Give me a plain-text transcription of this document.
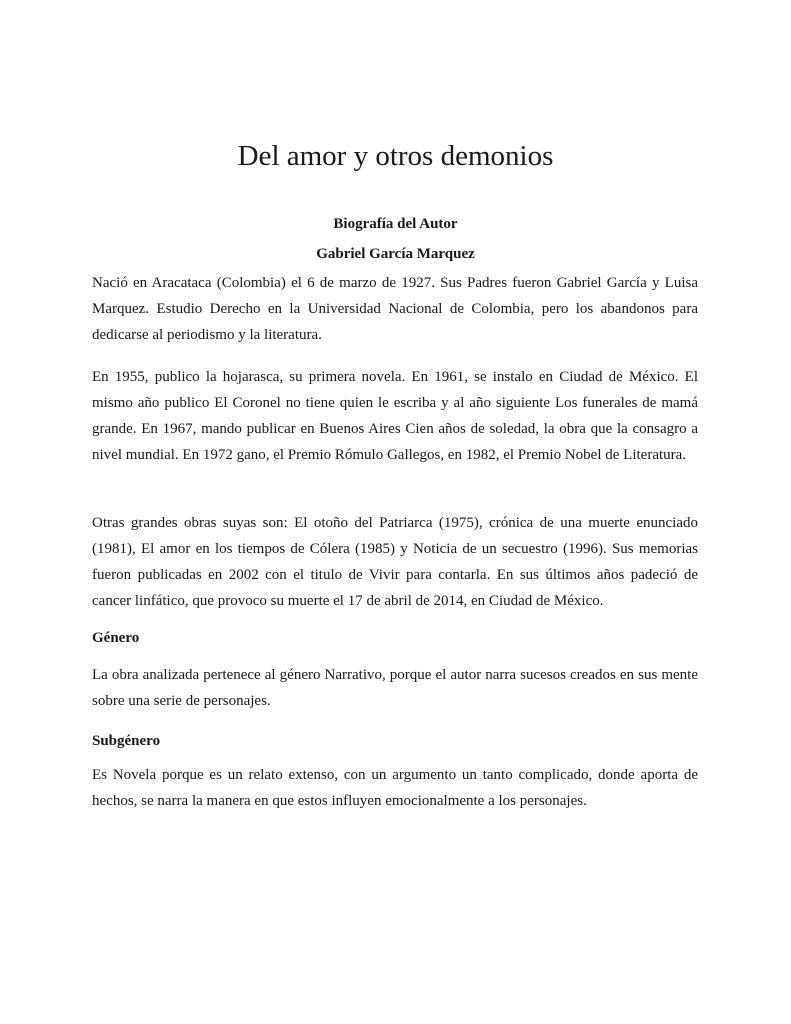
Del amor y otros demonios

Biografía del Autor

Gabriel García Marquez

Nació en Aracataca (Colombia) el 6 de marzo de 1927. Sus Padres fueron Gabriel García y Luisa Marquez. Estudio Derecho en la Universidad Nacional de Colombia, pero los abandonos para dedicarse al periodismo y la literatura.

En 1955, publico la hojarasca, su primera novela. En 1961, se instalo en Ciudad de México. El mismo año publico El Coronel no tiene quien le escriba y al año siguiente Los funerales de mamá grande. En 1967, mando publicar en Buenos Aires Cien años de soledad, la obra que la consagro a nivel mundial. En 1972 gano, el Premio Rómulo Gallegos, en 1982, el Premio Nobel de Literatura.

Otras grandes obras suyas son: El otoño del Patriarca (1975), crónica de una muerte enunciado (1981), El amor en los tiempos de Cólera (1985) y Noticia de un secuestro (1996). Sus memorias fueron publicadas en 2002 con el titulo de Vivir para contarla. En sus últimos años padeció de cancer linfático, que provoco su muerte el 17 de abril de 2014, en Ciudad de México.

Género

La obra analizada pertenece al género Narrativo, porque el autor narra sucesos creados en sus mente sobre una serie de personajes.

Subgénero

Es Novela porque es un relato extenso, con un argumento un tanto complicado, donde aporta de hechos, se narra la manera en que estos influyen emocionalmente a los personajes.
